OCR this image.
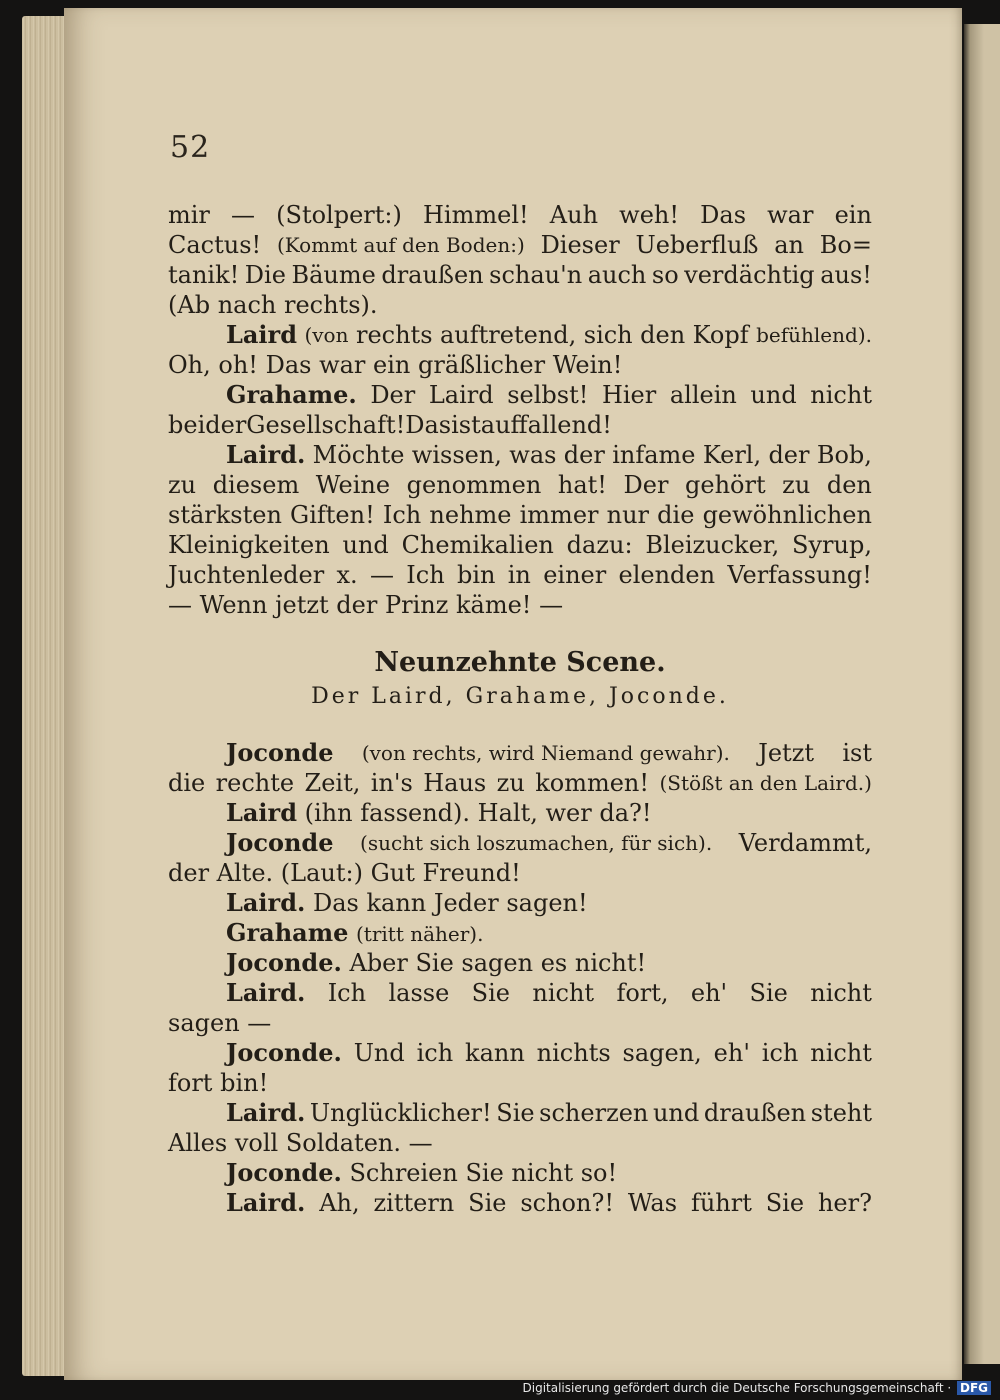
52
mir — (Stolpert:) Himmel! Auh weh! Das war ein
Cactus! (Kommt auf den Boden:) Dieser Ueberfluß an Bo=
tanik! Die Bäume draußen schau'n auch so verdächtig aus!
(Ab nach rechts).
Laird (von rechts auftretend, sich den Kopf befühlend).
Oh, oh! Das war ein gräßlicher Wein!
Grahame. Der Laird selbst! Hier allein und nicht
bei der Gesellschaft! Das ist auffallend!
Laird. Möchte wissen, was der infame Kerl, der Bob,
zu diesem Weine genommen hat! Der gehört zu den
stärksten Giften! Ich nehme immer nur die gewöhnlichen
Kleinigkeiten und Chemikalien dazu: Bleizucker, Syrup,
Juchtenleder x. — Ich bin in einer elenden Verfassung!
— Wenn jetzt der Prinz käme! —
Neunzehnte Scene.
Der Laird, Grahame, Joconde.
Joconde (von rechts, wird Niemand gewahr). Jetzt ist
die rechte Zeit, in's Haus zu kommen! (Stößt an den Laird.)
Laird (ihn fassend). Halt, wer da?!
Joconde (sucht sich loszumachen, für sich). Verdammt,
der Alte. (Laut:) Gut Freund!
Laird. Das kann Jeder sagen!
Grahame (tritt näher).
Joconde. Aber Sie sagen es nicht!
Laird. Ich lasse Sie nicht fort, eh' Sie nicht
sagen —
Joconde. Und ich kann nichts sagen, eh' ich nicht
fort bin!
Laird. Unglücklicher! Sie scherzen und draußen steht
Alles voll Soldaten. —
Joconde. Schreien Sie nicht so!
Laird. Ah, zittern Sie schon?! Was führt Sie her?
Digitalisierung gefördert durch die Deutsche Forschungsgemeinschaft · DFG
